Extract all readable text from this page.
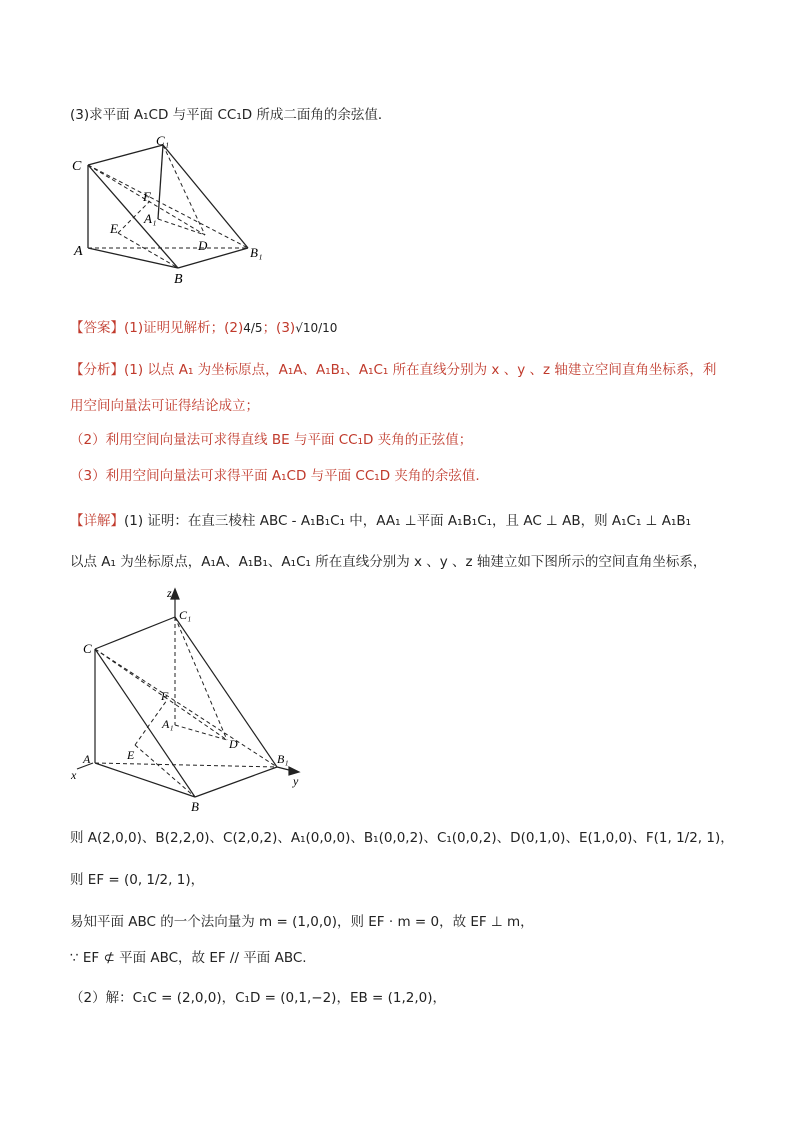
(3)求平面 A₁CD 与平面 CC₁D 所成二面角的余弦值．
C
C₁
F
A₁
E
D
A	B₁
B
【答案】(1)证明见解析；(2)4/5；(3)√10/10
【分析】(1) 以点 A₁ 为坐标原点，A₁A、A₁B₁、A₁C₁ 所在直线分别为 x 、y 、z 轴建立空间直角坐标系，利
用空间向量法可证得结论成立；
（2）利用空间向量法可求得直线 BE 与平面 CC₁D 夹角的正弦值；
（3）利用空间向量法可求得平面 A₁CD 与平面 CC₁D 夹角的余弦值.
【详解】(1) 证明：在直三棱柱 ABC - A₁B₁C₁ 中，AA₁ ⊥平面 A₁B₁C₁，且 AC ⊥ AB，则 A₁C₁ ⊥ A₁B₁
以点 A₁ 为坐标原点，A₁A、A₁B₁、A₁C₁ 所在直线分别为 x 、y 、z 轴建立如下图所示的空间直角坐标系，
z
C₁
C
F
A₁
D
A	E	B₁
x	y
B
则 A(2,0,0)、B(2,2,0)、C(2,0,2)、A₁(0,0,0)、B₁(0,0,2)、C₁(0,0,2)、D(0,1,0)、E(1,0,0)、F(1, 1/2, 1)，
则 EF = (0, 1/2, 1)，
易知平面 ABC 的一个法向量为 m = (1,0,0)，则 EF · m = 0，故 EF ⊥ m，
∵ EF ⊄ 平面 ABC，故 EF // 平面 ABC.
（2）解：C₁C = (2,0,0)，C₁D = (0,1,−2)，EB = (1,2,0)，
